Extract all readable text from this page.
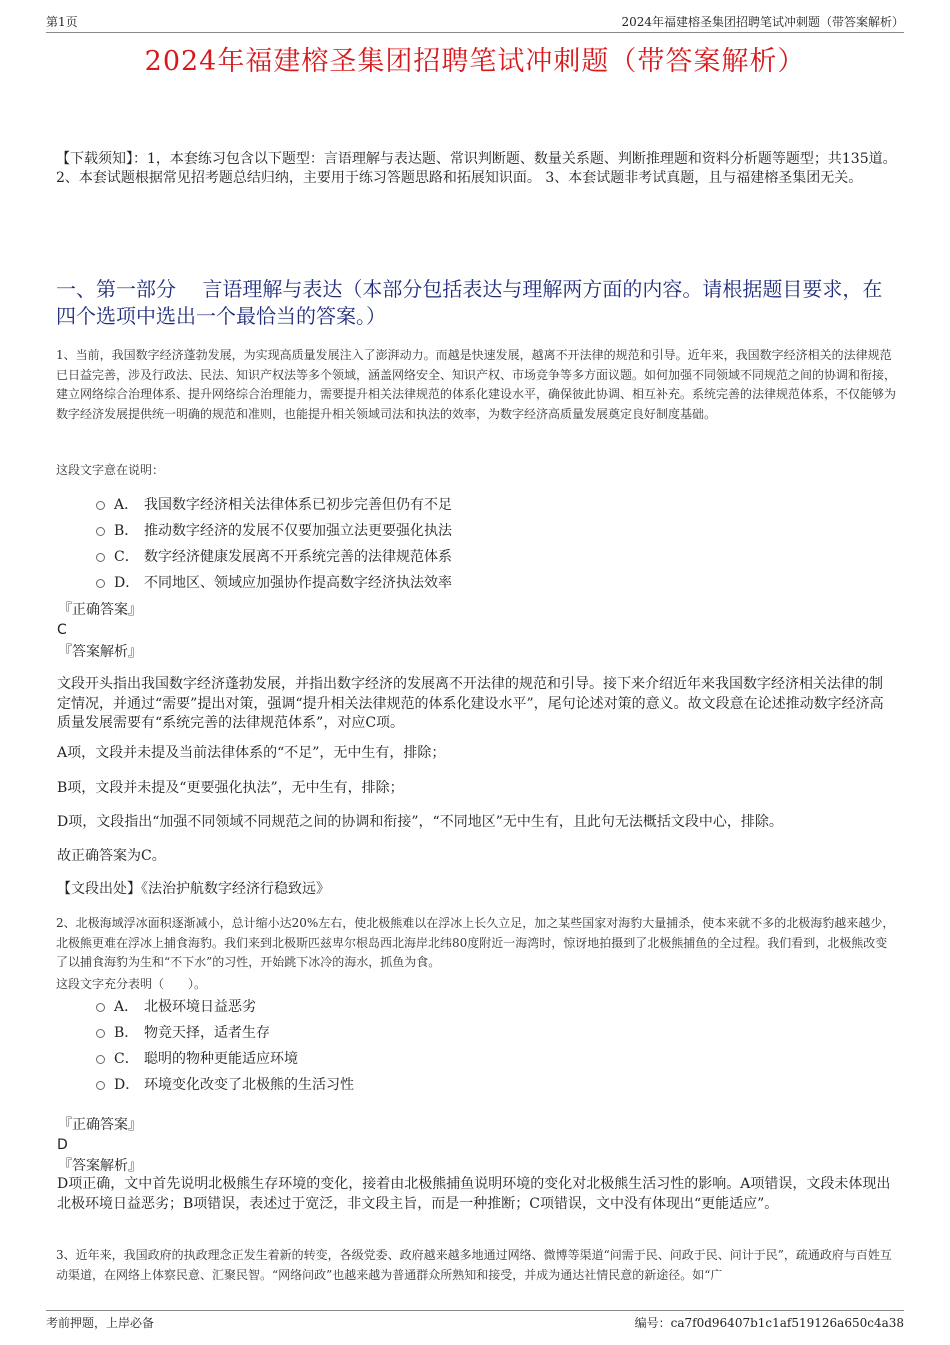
第1页	2024年福建榕圣集团招聘笔试冲刺题（带答案解析）
2024年福建榕圣集团招聘笔试冲刺题（带答案解析）
【下载须知】：1，本套练习包含以下题型：言语理解与表达题、常识判断题、数量关系题、判断推理题和资料分析题等题型；共135道。 2、本套试题根据常见招考题总结归纳，主要用于练习答题思路和拓展知识面。 3、本套试题非考试真题，且与福建榕圣集团无关。
一、第一部分　 言语理解与表达（本部分包括表达与理解两方面的内容。请根据题目要求，在四个选项中选出一个最恰当的答案。）
1、当前，我国数字经济蓬勃发展，为实现高质量发展注入了澎湃动力。而越是快速发展，越离不开法律的规范和引导。近年来，我国数字经济相关的法律规范已日益完善，涉及行政法、民法、知识产权法等多个领域，涵盖网络安全、知识产权、市场竞争等多方面议题。如何加强不同领域不同规范之间的协调和衔接，建立网络综合治理体系、提升网络综合治理能力，需要提升相关法律规范的体系化建设水平，确保彼此协调、相互补充。系统完善的法律规范体系，不仅能够为数字经济发展提供统一明确的规范和准则，也能提升相关领域司法和执法的效率，为数字经济高质量发展奠定良好制度基础。
这段文字意在说明：
A． 我国数字经济相关法律体系已初步完善但仍有不足
B． 推动数字经济的发展不仅要加强立法更要强化执法
C． 数字经济健康发展离不开系统完善的法律规范体系
D． 不同地区、领域应加强协作提高数字经济执法效率
『正确答案』
C
『答案解析』
文段开头指出我国数字经济蓬勃发展，并指出数字经济的发展离不开法律的规范和引导。接下来介绍近年来我国数字经济相关法律的制定情况，并通过“需要”提出对策，强调“提升相关法律规范的体系化建设水平”，尾句论述对策的意义。故文段意在论述推动数字经济高质量发展需要有“系统完善的法律规范体系”，对应C项。
A项，文段并未提及当前法律体系的“不足”，无中生有，排除；
B项，文段并未提及“更要强化执法”，无中生有，排除；
D项，文段指出“加强不同领域不同规范之间的协调和衔接”，“不同地区”无中生有，且此句无法概括文段中心，排除。
故正确答案为C。
【文段出处】《法治护航数字经济行稳致远》
2、北极海域浮冰面积逐渐减小，总计缩小达20%左右，使北极熊难以在浮冰上长久立足，加之某些国家对海豹大量捕杀，使本来就不多的北极海豹越来越少，北极熊更难在浮冰上捕食海豹。我们来到北极斯匹兹卑尔根岛西北海岸北纬80度附近一海湾时，惊讶地拍摄到了北极熊捕鱼的全过程。我们看到，北极熊改变了以捕食海豹为生和“不下水”的习性，开始跳下冰冷的海水，抓鱼为食。
这段文字充分表明（　　）。
A． 北极环境日益恶劣
B． 物竞天择，适者生存
C． 聪明的物种更能适应环境
D． 环境变化改变了北极熊的生活习性
『正确答案』
D
『答案解析』
D项正确，文中首先说明北极熊生存环境的变化，接着由北极熊捕鱼说明环境的变化对北极熊生活习性的影响。A项错误，文段未体现出北极环境日益恶劣；B项错误，表述过于宽泛，非文段主旨，而是一种推断；C项错误，文中没有体现出“更能适应”。
3、近年来，我国政府的执政理念正发生着新的转变，各级党委、政府越来越多地通过网络、微博等渠道“问需于民、问政于民、问计于民”，疏通政府与百姓互动渠道，在网络上体察民意、汇聚民智。“网络问政”也越来越为普通群众所熟知和接受，并成为通达社情民意的新途径。如“广
考前押题，上岸必备	编号：ca7f0d96407b1c1af519126a650c4a38
